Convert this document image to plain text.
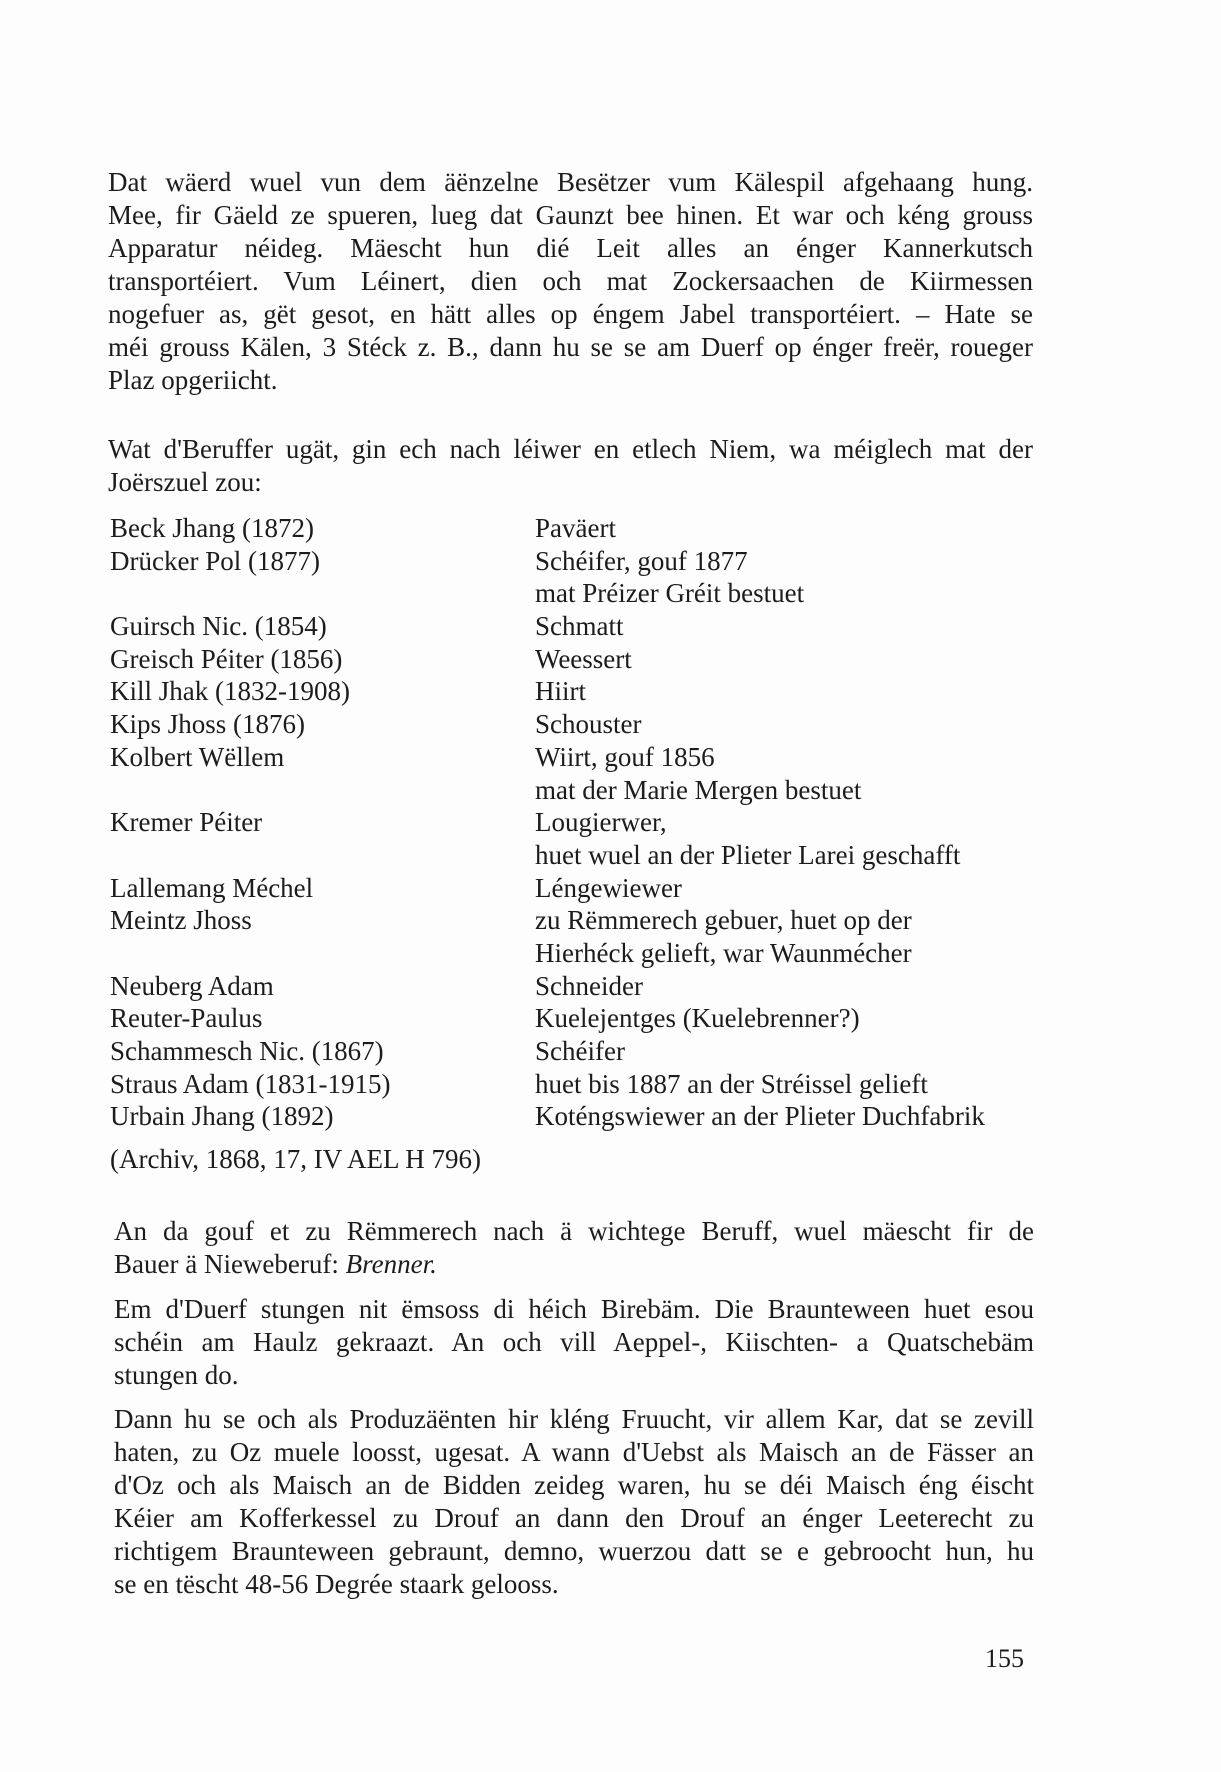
Dat wäerd wuel vun dem äënzelne Besëtzer vum Kälespil afgehaang hung.
Mee, fir Gäeld ze spueren, lueg dat Gaunzt bee hinen. Et war och kéng grouss
Apparatur néideg. Mäescht hun dié Leit alles an énger Kannerkutsch
transportéiert. Vum Léinert, dien och mat Zockersaachen de Kiirmessen
nogefuer as, gët gesot, en hätt alles op éngem Jabel transportéiert. – Hate se
méi grouss Kälen, 3 Stéck z. B., dann hu se se am Duerf op énger freër, roueger
Plaz opgeriicht.
Wat d'Beruffer ugät, gin ech nach léiwer en etlech Niem, wa méiglech mat der
Joërszuel zou:
Beck Jhang (1872)	Paväert
Drücker Pol (1877)	Schéifer, gouf 1877
mat Préizer Gréit bestuet
Guirsch Nic. (1854)	Schmatt
Greisch Péiter (1856)	Weessert
Kill Jhak (1832-1908)	Hiirt
Kips Jhoss (1876)	Schouster
Kolbert Wëllem	Wiirt, gouf 1856
mat der Marie Mergen bestuet
Kremer Péiter	Lougierwer,
huet wuel an der Plieter Larei geschafft
Lallemang Méchel	Léngewiewer
Meintz Jhoss	zu Rëmmerech gebuer, huet op der
Hierhéck gelieft, war Waunmécher
Neuberg Adam	Schneider
Reuter-Paulus	Kuelejentges (Kuelebrenner?)
Schammesch Nic. (1867)	Schéifer
Straus Adam (1831-1915)	huet bis 1887 an der Stréissel gelieft
Urbain Jhang (1892)	Koténgswiewer an der Plieter Duchfabrik
(Archiv, 1868, 17, IV AEL H 796)
An da gouf et zu Rëmmerech nach ä wichtege Beruff, wuel mäescht fir de
Bauer ä Nieweberuf: Brenner.
Em d'Duerf stungen nit ëmsoss di héich Birebäm. Die Braunteween huet esou
schéin am Haulz gekraazt. An och vill Aeppel-, Kiischten- a Quatschebäm
stungen do.
Dann hu se och als Produzäënten hir kléng Fruucht, vir allem Kar, dat se zevill
haten, zu Oz muele loosst, ugesat. A wann d'Uebst als Maisch an de Fässer an
d'Oz och als Maisch an de Bidden zeideg waren, hu se déi Maisch éng éischt
Kéier am Kofferkessel zu Drouf an dann den Drouf an énger Leeterecht zu
richtigem Braunteween gebraunt, demno, wuerzou datt se e gebroocht hun, hu
se en tëscht 48-56 Degrée staark gelooss.
155
